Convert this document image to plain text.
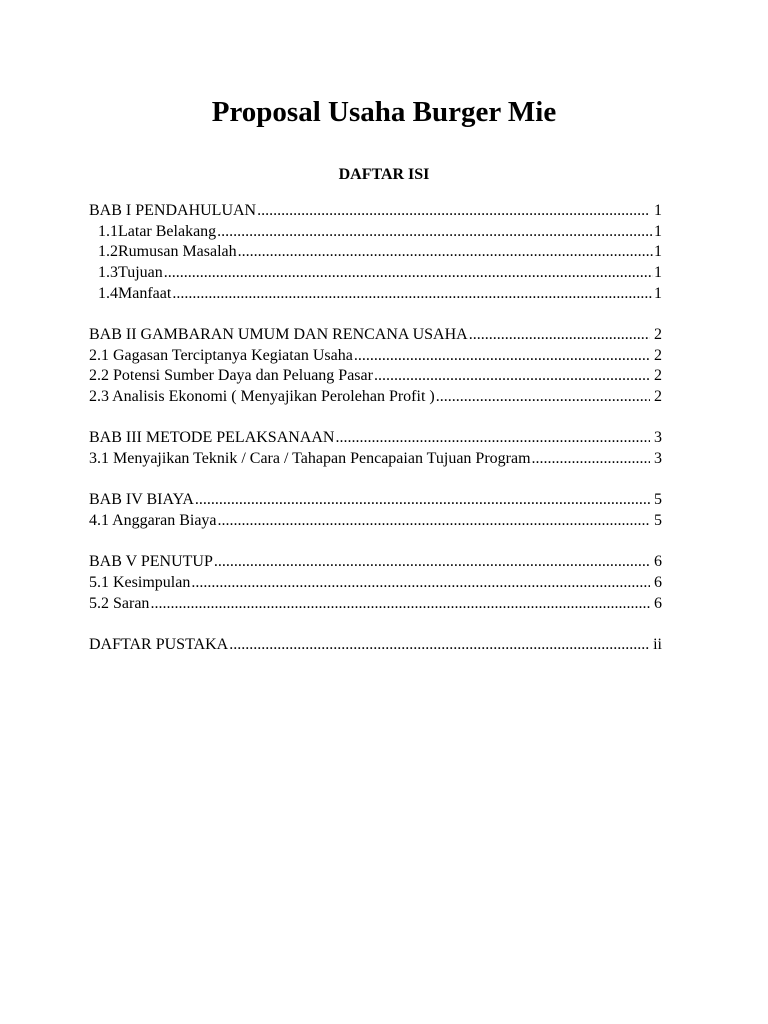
Proposal Usaha Burger Mie
DAFTAR ISI
BAB I PENDAHULUAN .....	1
1.1 Latar Belakang .....	1
1.2 Rumusan Masalah .....	1
1.3 Tujuan .....	1
1.4 Manfaat .....	1
BAB II GAMBARAN UMUM DAN RENCANA USAHA .....	2
2.1 Gagasan Terciptanya Kegiatan Usaha .....	2
2.2 Potensi Sumber Daya dan Peluang Pasar .....	2
2.3 Analisis Ekonomi ( Menyajikan Perolehan Profit ) .....	2
BAB III METODE PELAKSANAAN .....	3
3.1 Menyajikan Teknik / Cara / Tahapan Pencapaian Tujuan Program .....	3
BAB IV BIAYA .....	5
4.1 Anggaran Biaya .....	5
BAB V PENUTUP .....	6
5.1 Kesimpulan .....	6
5.2 Saran .....	6
DAFTAR PUSTAKA .....	ii
